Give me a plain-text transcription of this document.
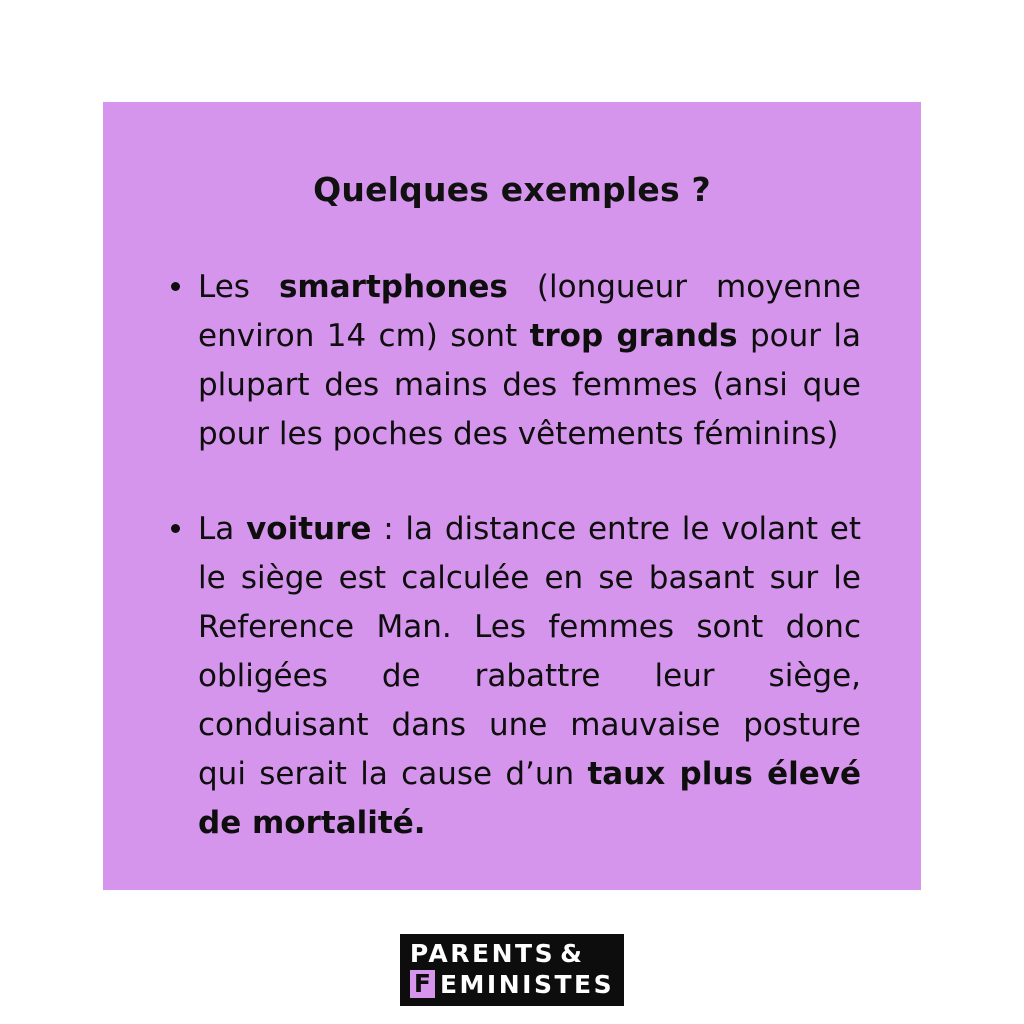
Quelques exemples ?
Les smartphones (longueur moyenne environ 14 cm) sont trop grands pour la plupart des mains des femmes (ansi que pour les poches des vêtements féminins)
La voiture : la distance entre le volant et le siège est calculée en se basant sur le Reference Man. Les femmes sont donc obligées de rabattre leur siège, conduisant dans une mauvaise posture qui serait la cause d’un taux plus élevé de mortalité.
PARENTS &
F EMINISTES
